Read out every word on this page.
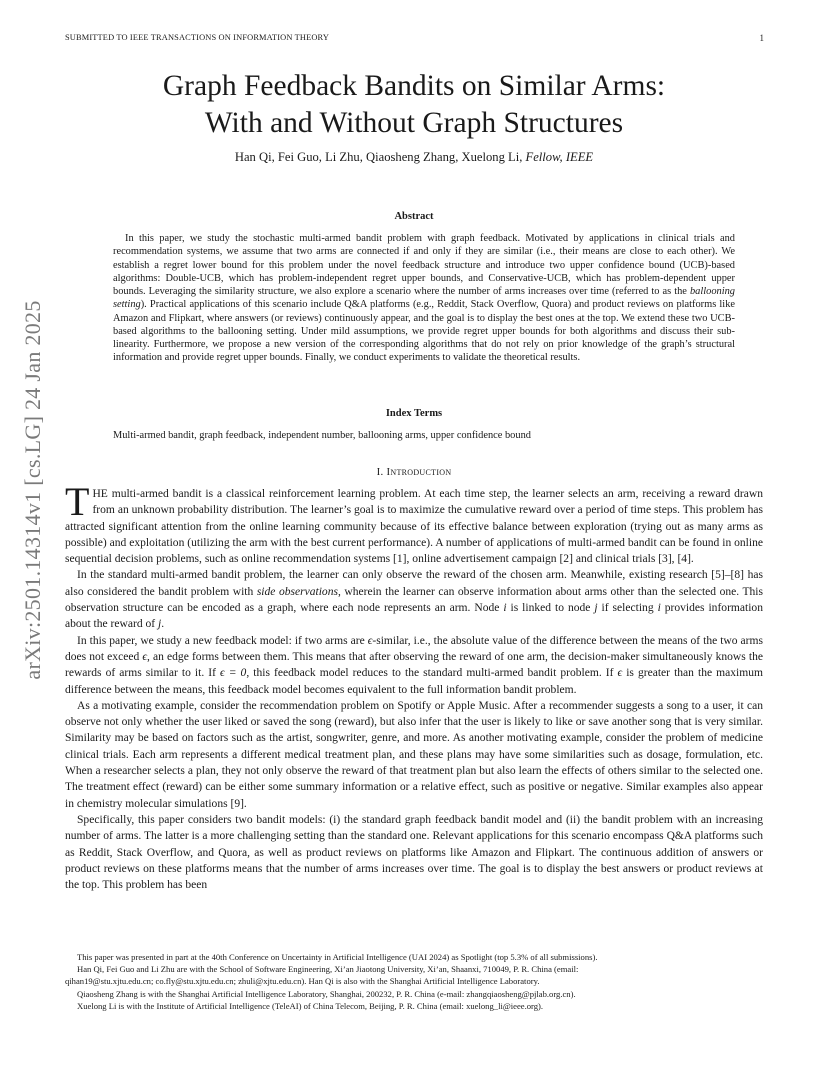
SUBMITTED TO IEEE TRANSACTIONS ON INFORMATION THEORY	1
arXiv:2501.14314v1 [cs.LG] 24 Jan 2025
Graph Feedback Bandits on Similar Arms:
With and Without Graph Structures
Han Qi, Fei Guo, Li Zhu, Qiaosheng Zhang, Xuelong Li, Fellow, IEEE
Abstract
In this paper, we study the stochastic multi-armed bandit problem with graph feedback. Motivated by applications in clinical trials and recommendation systems, we assume that two arms are connected if and only if they are similar (i.e., their means are close to each other). We establish a regret lower bound for this problem under the novel feedback structure and introduce two upper confidence bound (UCB)-based algorithms: Double-UCB, which has problem-independent regret upper bounds, and Conservative-UCB, which has problem-dependent upper bounds. Leveraging the similarity structure, we also explore a scenario where the number of arms increases over time (referred to as the ballooning setting). Practical applications of this scenario include Q&A platforms (e.g., Reddit, Stack Overflow, Quora) and product reviews on platforms like Amazon and Flipkart, where answers (or reviews) continuously appear, and the goal is to display the best ones at the top. We extend these two UCB-based algorithms to the ballooning setting. Under mild assumptions, we provide regret upper bounds for both algorithms and discuss their sub-linearity. Furthermore, we propose a new version of the corresponding algorithms that do not rely on prior knowledge of the graph’s structural information and provide regret upper bounds. Finally, we conduct experiments to validate the theoretical results.
Index Terms
Multi-armed bandit, graph feedback, independent number, ballooning arms, upper confidence bound
I. Introduction

THE multi-armed bandit is a classical reinforcement learning problem. At each time step, the learner selects an arm, receiving a reward drawn from an unknown probability distribution. The learner’s goal is to maximize the cumulative reward over a period of time steps. This problem has attracted significant attention from the online learning community because of its effective balance between exploration (trying out as many arms as possible) and exploitation (utilizing the arm with the best current performance). A number of applications of multi-armed bandit can be found in online sequential decision problems, such as online recommendation systems [1], online advertisement campaign [2] and clinical trials [3], [4].

In the standard multi-armed bandit problem, the learner can only observe the reward of the chosen arm. Meanwhile, existing research [5]–[8] has also considered the bandit problem with side observations, wherein the learner can observe information about arms other than the selected one. This observation structure can be encoded as a graph, where each node represents an arm. Node i is linked to node j if selecting i provides information about the reward of j.

In this paper, we study a new feedback model: if two arms are ϵ-similar, i.e., the absolute value of the difference between the means of the two arms does not exceed ϵ, an edge forms between them. This means that after observing the reward of one arm, the decision-maker simultaneously knows the rewards of arms similar to it. If ϵ = 0, this feedback model reduces to the standard multi-armed bandit problem. If ϵ is greater than the maximum difference between the means, this feedback model becomes equivalent to the full information bandit problem.

As a motivating example, consider the recommendation problem on Spotify or Apple Music. After a recommender suggests a song to a user, it can observe not only whether the user liked or saved the song (reward), but also infer that the user is likely to like or save another song that is very similar. Similarity may be based on factors such as the artist, songwriter, genre, and more. As another motivating example, consider the problem of medicine clinical trials. Each arm represents a different medical treatment plan, and these plans may have some similarities such as dosage, formulation, etc. When a researcher selects a plan, they not only observe the reward of that treatment plan but also learn the effects of others similar to the selected one. The treatment effect (reward) can be either some summary information or a relative effect, such as positive or negative. Similar examples also appear in chemistry molecular simulations [9].

Specifically, this paper considers two bandit models: (i) the standard graph feedback bandit model and (ii) the bandit problem with an increasing number of arms. The latter is a more challenging setting than the standard one. Relevant applications for this scenario encompass Q&A platforms such as Reddit, Stack Overflow, and Quora, as well as product reviews on platforms like Amazon and Flipkart. The continuous addition of answers or product reviews on these platforms means that the number of arms increases over time. The goal is to display the best answers or product reviews at the top. This problem has been

This paper was presented in part at the 40th Conference on Uncertainty in Artificial Intelligence (UAI 2024) as Spotlight (top 5.3% of all submissions).

Han Qi, Fei Guo and Li Zhu are with the School of Software Engineering, Xi’an Jiaotong University, Xi’an, Shaanxi, 710049, P. R. China (email:

qihan19@stu.xjtu.edu.cn; co.fly@stu.xjtu.edu.cn; zhuli@xjtu.edu.cn). Han Qi is also with the Shanghai Artificial Intelligence Laboratory.

Qiaosheng Zhang is with the Shanghai Artificial Intelligence Laboratory, Shanghai, 200232, P. R. China (e-mail: zhangqiaosheng@pjlab.org.cn).

Xuelong Li is with the Institute of Artificial Intelligence (TeleAI) of China Telecom, Beijing, P. R. China (email: xuelong_li@ieee.org).
